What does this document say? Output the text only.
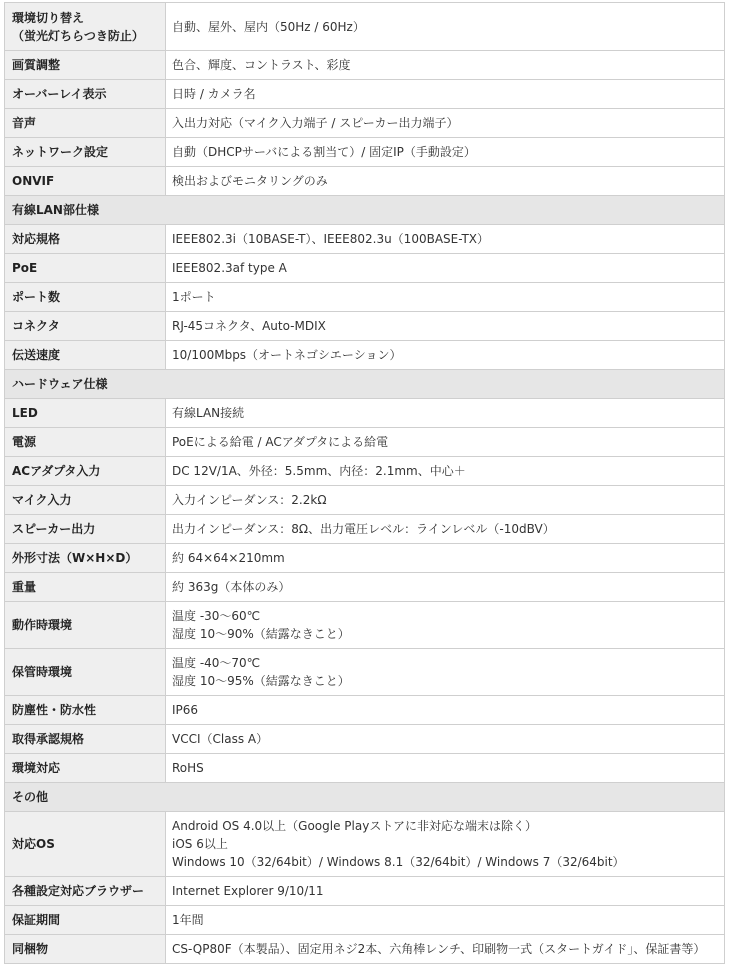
環境切り替え
（蛍光灯ちらつき防止）	自動、屋外、屋内（50Hz / 60Hz）

画質調整	色合、輝度、コントラスト、彩度

オーバーレイ表示	日時 / カメラ名

音声	入出力対応（マイク入力端子 / スピーカー出力端子）

ネットワーク設定	自動（DHCPサーバによる割当て）/ 固定IP（手動設定）

ONVIF	検出およびモニタリングのみ

有線LAN部仕様	

対応規格	IEEE802.3i（10BASE-T）、IEEE802.3u（100BASE-TX）

PoE	IEEE802.3af type A

ポート数	1ポート

コネクタ	RJ-45コネクタ、Auto-MDIX

伝送速度	10/100Mbps（オートネゴシエーション）

ハードウェア仕様	

LED	有線LAN接続

電源	PoEによる給電 / ACアダプタによる給電

ACアダプタ入力	DC 12V/1A、外径：5.5mm、内径：2.1mm、中心＋

マイク入力	入力インピーダンス：2.2kΩ

スピーカー出力	出力インピーダンス：8Ω、出力電圧レベル：ラインレベル（-10dBV）

外形寸法（W×H×D）	約 64×64×210mm

重量	約 363g（本体のみ）

動作時環境	温度 -30～60℃
湿度 10～90%（結露なきこと）

保管時環境	温度 -40～70℃
湿度 10～95%（結露なきこと）

防塵性・防水性	IP66

取得承認規格	VCCI（Class A）

環境対応	RoHS

その他	

対応OS	Android OS 4.0以上（Google Playストアに非対応な端末は除く）
iOS 6以上
Windows 10（32/64bit）/ Windows 8.1（32/64bit）/ Windows 7（32/64bit）

各種設定対応ブラウザー	Internet Explorer 9/10/11

保証期間	1年間

同梱物	CS-QP80F（本製品）、固定用ネジ2本、六角棒レンチ、印刷物一式（スタートガイド」、保証書等）
